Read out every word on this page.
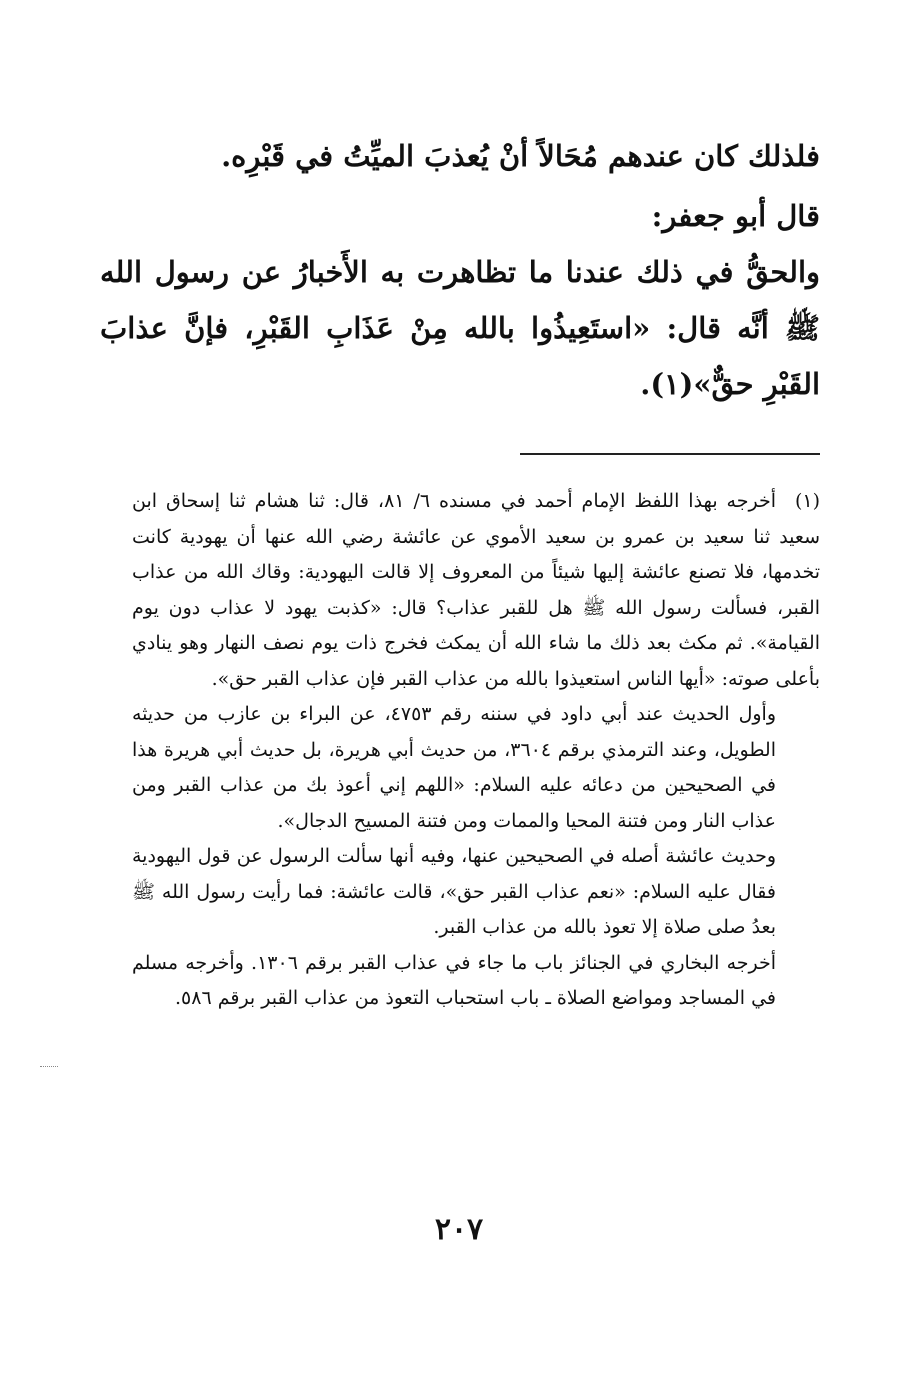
فلذلك كان عندهم مُحَالاً أنْ يُعذبَ الميِّتُ في قَبْرِه.

قال أبو جعفر:

والحقُّ في ذلك عندنا ما تظاهرت به الأَخبارُ عن رسول الله ﷺ أنَّه قال: «استَعِيذُوا بالله مِنْ عَذَابِ القَبْرِ، فإنَّ عذابَ القَبْرِ حقٌّ»(١).

(١)أخرجه بهذا اللفظ الإمام أحمد في مسنده ٦/ ٨١، قال: ثنا هشام ثنا إسحاق ابن سعيد ثنا سعيد بن عمرو بن سعيد الأموي عن عائشة رضي الله عنها أن يهودية كانت تخدمها، فلا تصنع عائشة إليها شيئاً من المعروف إلا قالت اليهودية: وقاك الله من عذاب القبر، فسألت رسول الله ﷺ هل للقبر عذاب؟ قال: «كذبت يهود لا عذاب دون يوم القيامة». ثم مكث بعد ذلك ما شاء الله أن يمكث فخرج ذات يوم نصف النهار وهو ينادي بأعلى صوته: «أيها الناس استعيذوا بالله من عذاب القبر فإن عذاب القبر حق».

وأول الحديث عند أبي داود في سننه رقم ٤٧٥٣، عن البراء بن عازب من حديثه الطويل، وعند الترمذي برقم ٣٦٠٤، من حديث أبي هريرة، بل حديث أبي هريرة هذا في الصحيحين من دعائه عليه السلام: «اللهم إني أعوذ بك من عذاب القبر ومن عذاب النار ومن فتنة المحيا والممات ومن فتنة المسيح الدجال».

وحديث عائشة أصله في الصحيحين عنها، وفيه أنها سألت الرسول عن قول اليهودية فقال عليه السلام: «نعم عذاب القبر حق»، قالت عائشة: فما رأيت رسول الله ﷺ بعدُ صلى صلاة إلا تعوذ بالله من عذاب القبر.

أخرجه البخاري في الجنائز باب ما جاء في عذاب القبر برقم ١٣٠٦. وأخرجه مسلم في المساجد ومواضع الصلاة ـ باب استحباب التعوذ من عذاب القبر برقم ٥٨٦.

٢٠٧
